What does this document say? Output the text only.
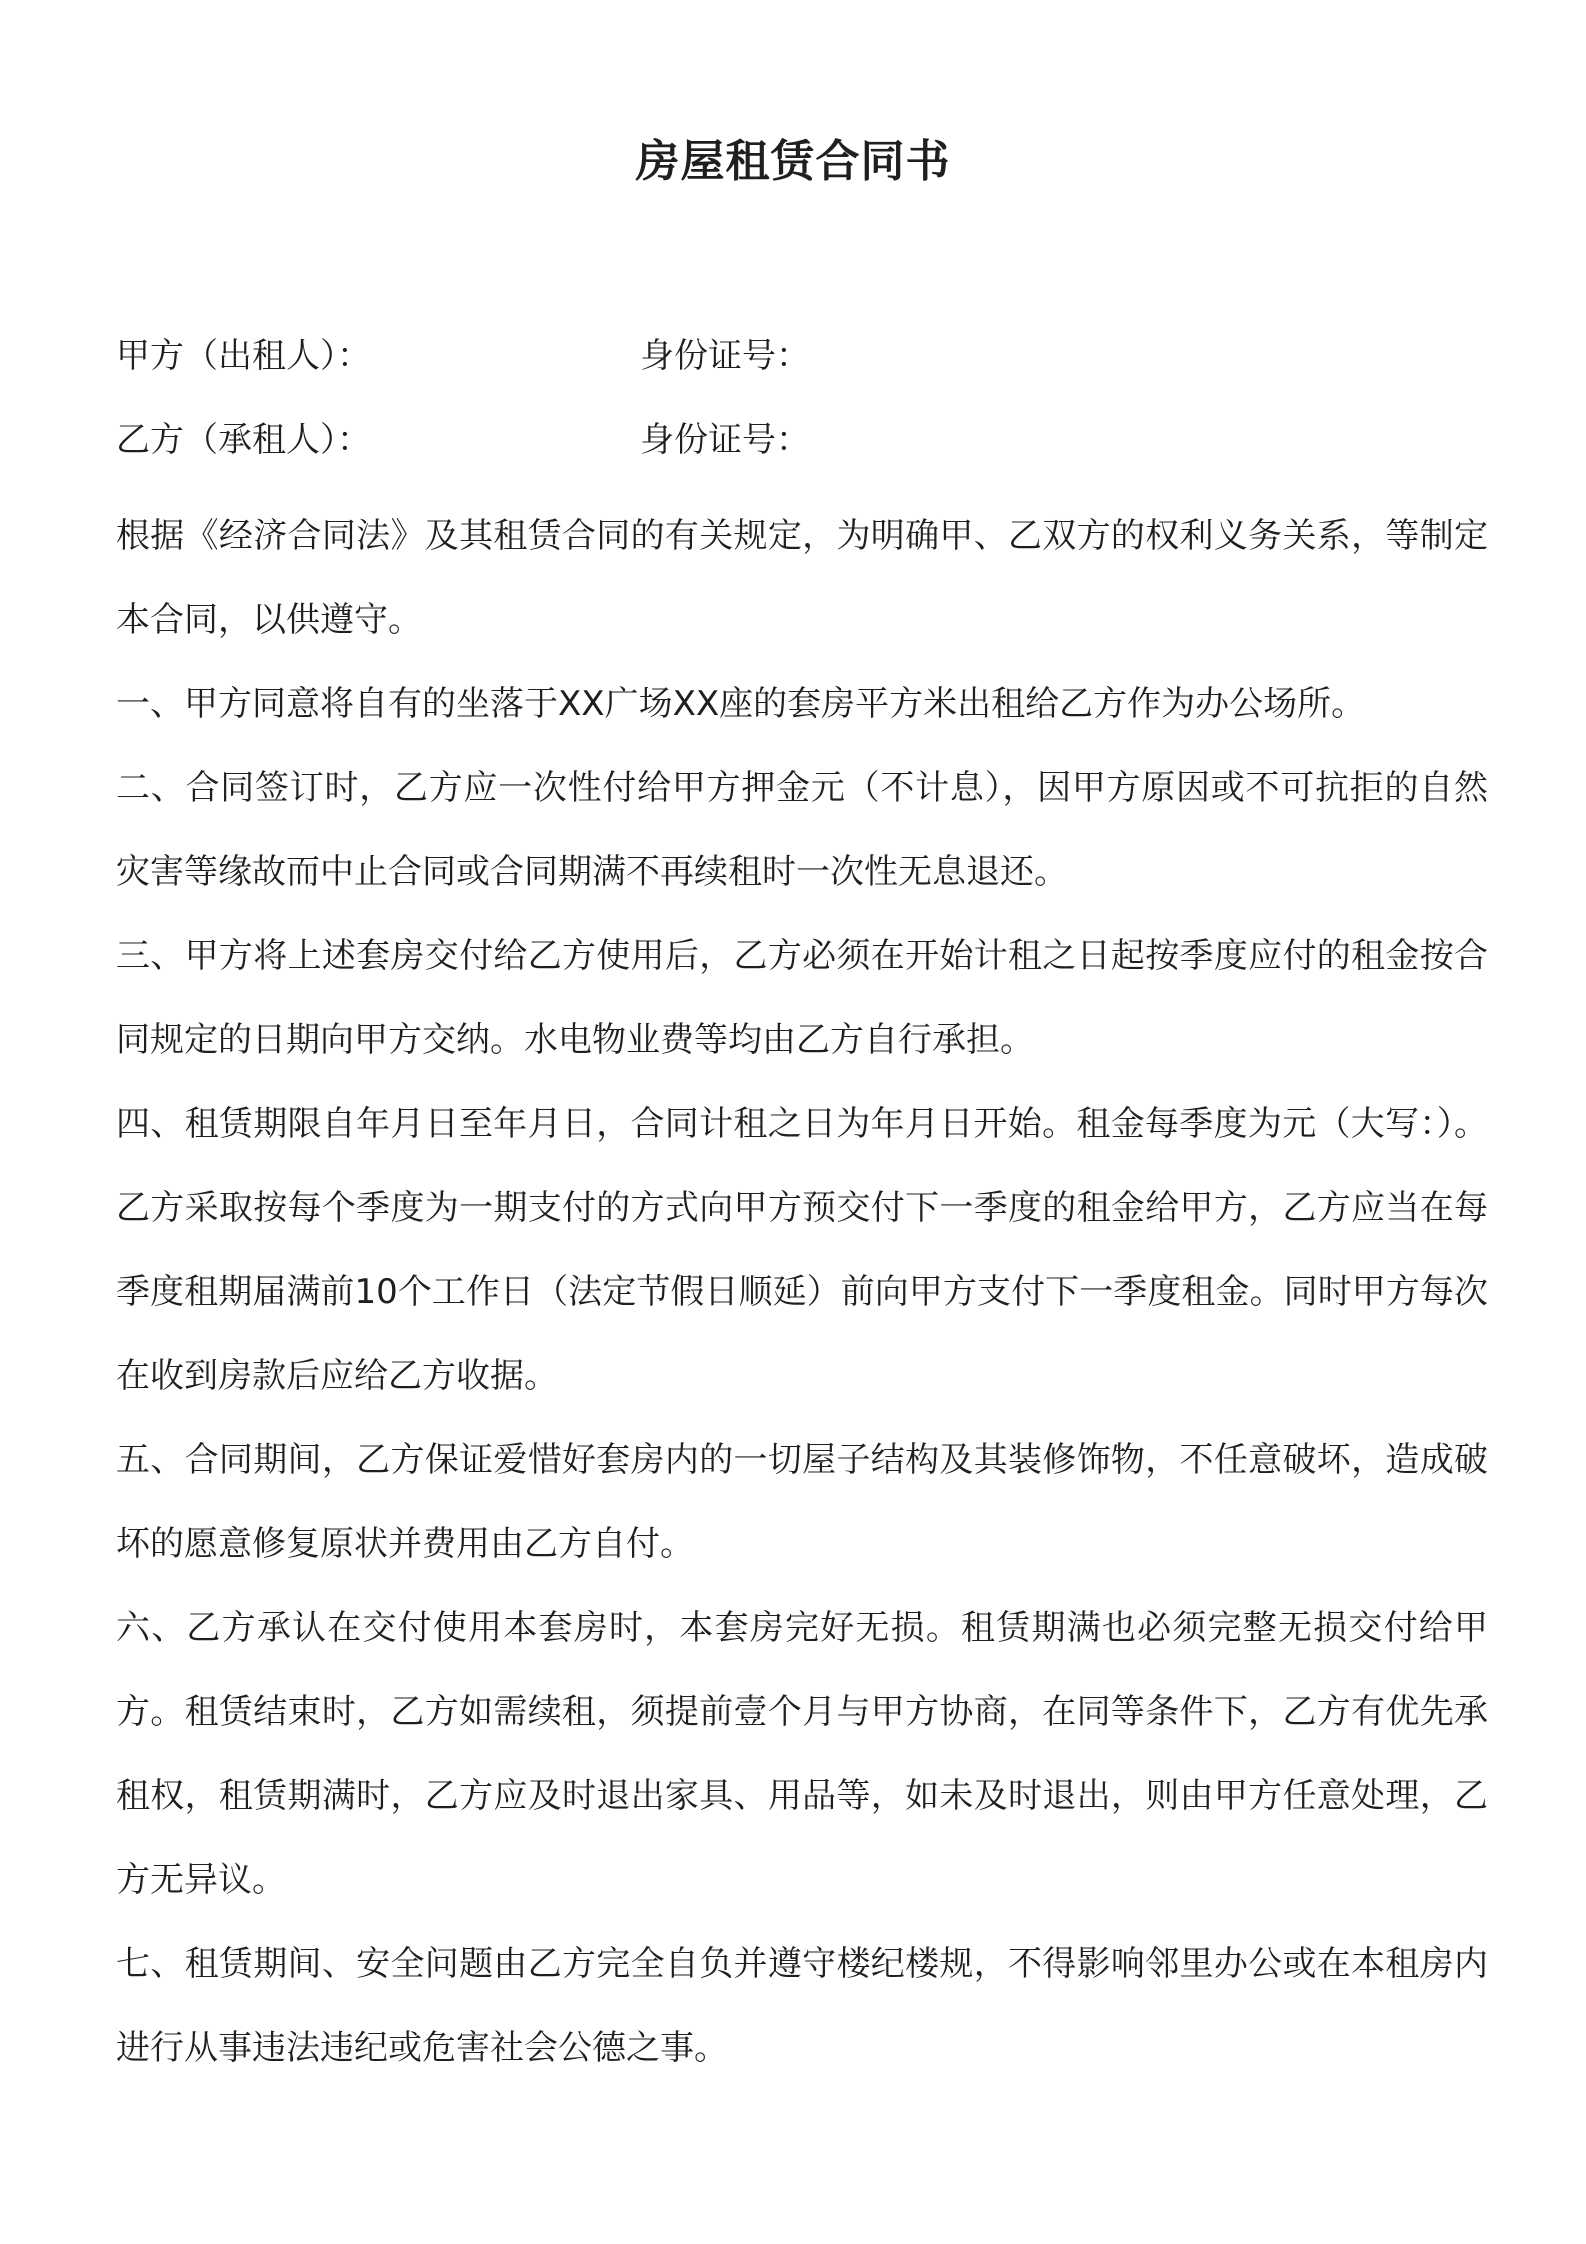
房屋租赁合同书
甲方（出租人）：	身份证号：
乙方（承租人）：	身份证号：

根据《经济合同法》及其租赁合同的有关规定，为明确甲、乙双方的权利义务关系，等制定本合同，以供遵守。

一、甲方同意将自有的坐落于XX广场XX座的套房平方米出租给乙方作为办公场所。

二、合同签订时，乙方应一次性付给甲方押金元（不计息），因甲方原因或不可抗拒的自然灾害等缘故而中止合同或合同期满不再续租时一次性无息退还。

三、甲方将上述套房交付给乙方使用后，乙方必须在开始计租之日起按季度应付的租金按合同规定的日期向甲方交纳。水电物业费等均由乙方自行承担。

四、租赁期限自年月日至年月日，合同计租之日为年月日开始。租金每季度为元（大写：）。乙方采取按每个季度为一期支付的方式向甲方预交付下一季度的租金给甲方，乙方应当在每季度租期届满前10个工作日（法定节假日顺延）前向甲方支付下一季度租金。同时甲方每次在收到房款后应给乙方收据。

五、合同期间，乙方保证爱惜好套房内的一切屋子结构及其装修饰物，不任意破坏，造成破坏的愿意修复原状并费用由乙方自付。

六、乙方承认在交付使用本套房时，本套房完好无损。租赁期满也必须完整无损交付给甲方。租赁结束时，乙方如需续租，须提前壹个月与甲方协商，在同等条件下，乙方有优先承租权，租赁期满时，乙方应及时退出家具、用品等，如未及时退出，则由甲方任意处理，乙方无异议。

七、租赁期间、安全问题由乙方完全自负并遵守楼纪楼规，不得影响邻里办公或在本租房内进行从事违法违纪或危害社会公德之事。
